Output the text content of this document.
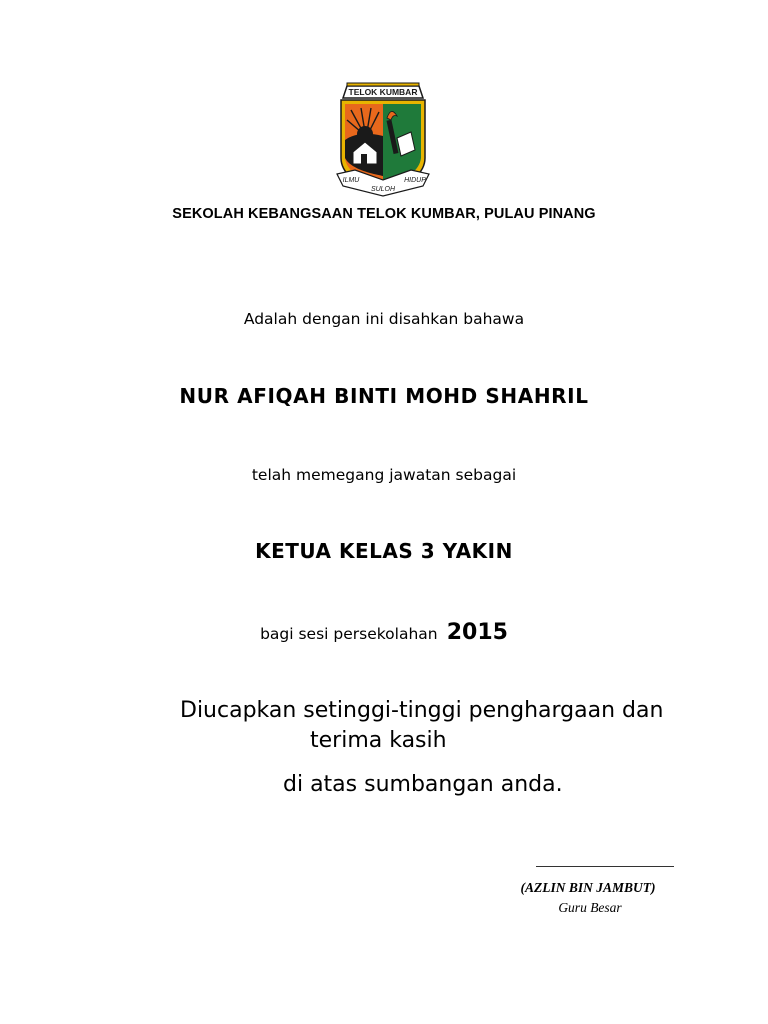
TELOK KUMBAR
ILMU
SULOH
HIDUP
SEKOLAH KEBANGSAAN TELOK KUMBAR, PULAU PINANG
Adalah dengan ini disahkan bahawa
NUR AFIQAH BINTI MOHD SHAHRIL
telah memegang jawatan sebagai
KETUA KELAS 3 YAKIN
bagi sesi persekolahan 2015
Diucapkan setinggi-tinggi penghargaan dan
terima kasih
di atas sumbangan anda.
(AZLIN BIN JAMBUT)
Guru Besar
